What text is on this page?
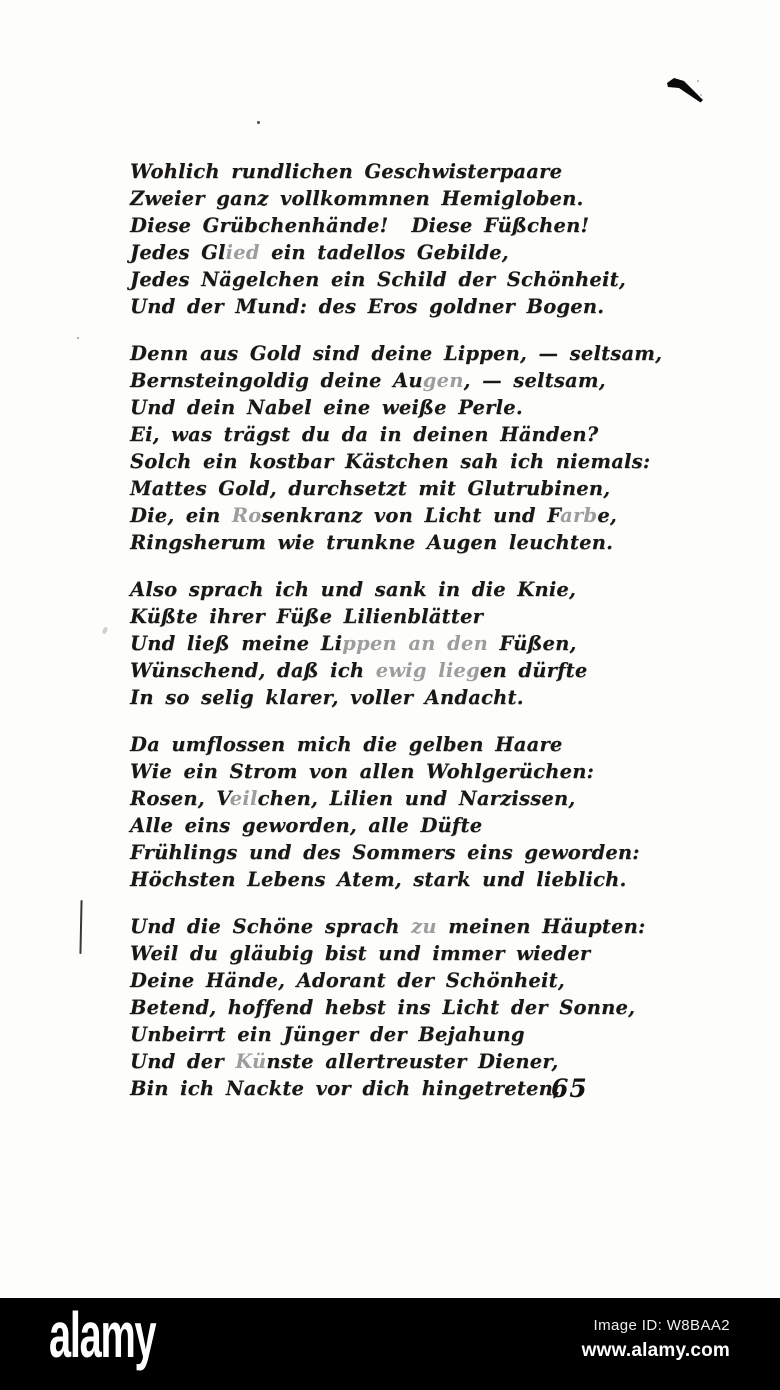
Wohlich rundlichen Geschwisterpaare
Zweier ganz vollkommnen Hemigloben.
Diese Grübchenhände!  Diese Füßchen!
Jedes Glied ein tadellos Gebilde,
Jedes Nägelchen ein Schild der Schönheit,
Und der Mund: des Eros goldner Bogen.
Denn aus Gold sind deine Lippen, — seltsam,
Bernsteingoldig deine Augen, — seltsam,
Und dein Nabel eine weiße Perle.
Ei, was trägst du da in deinen Händen?
Solch ein kostbar Kästchen sah ich niemals:
Mattes Gold, durchsetzt mit Glutrubinen,
Die, ein Rosenkranz von Licht und Farbe,
Ringsherum wie trunkne Augen leuchten.
Also sprach ich und sank in die Knie,
Küßte ihrer Füße Lilienblätter
Und ließ meine Lippen an den Füßen,
Wünschend, daß ich ewig liegen dürfte
In so selig klarer, voller Andacht.
Da umflossen mich die gelben Haare
Wie ein Strom von allen Wohlgerüchen:
Rosen, Veilchen, Lilien und Narzissen,
Alle eins geworden, alle Düfte
Frühlings und des Sommers eins geworden:
Höchsten Lebens Atem, stark und lieblich.
Und die Schöne sprach zu meinen Häupten:
Weil du gläubig bist und immer wieder
Deine Hände, Adorant der Schönheit,
Betend, hoffend hebst ins Licht der Sonne,
Unbeirrt ein Jünger der Bejahung
Und der Künste allertreuster Diener,
Bin ich Nackte vor dich hingetreten,
65
alamy	Image ID: W8BAA2
www.alamy.com
